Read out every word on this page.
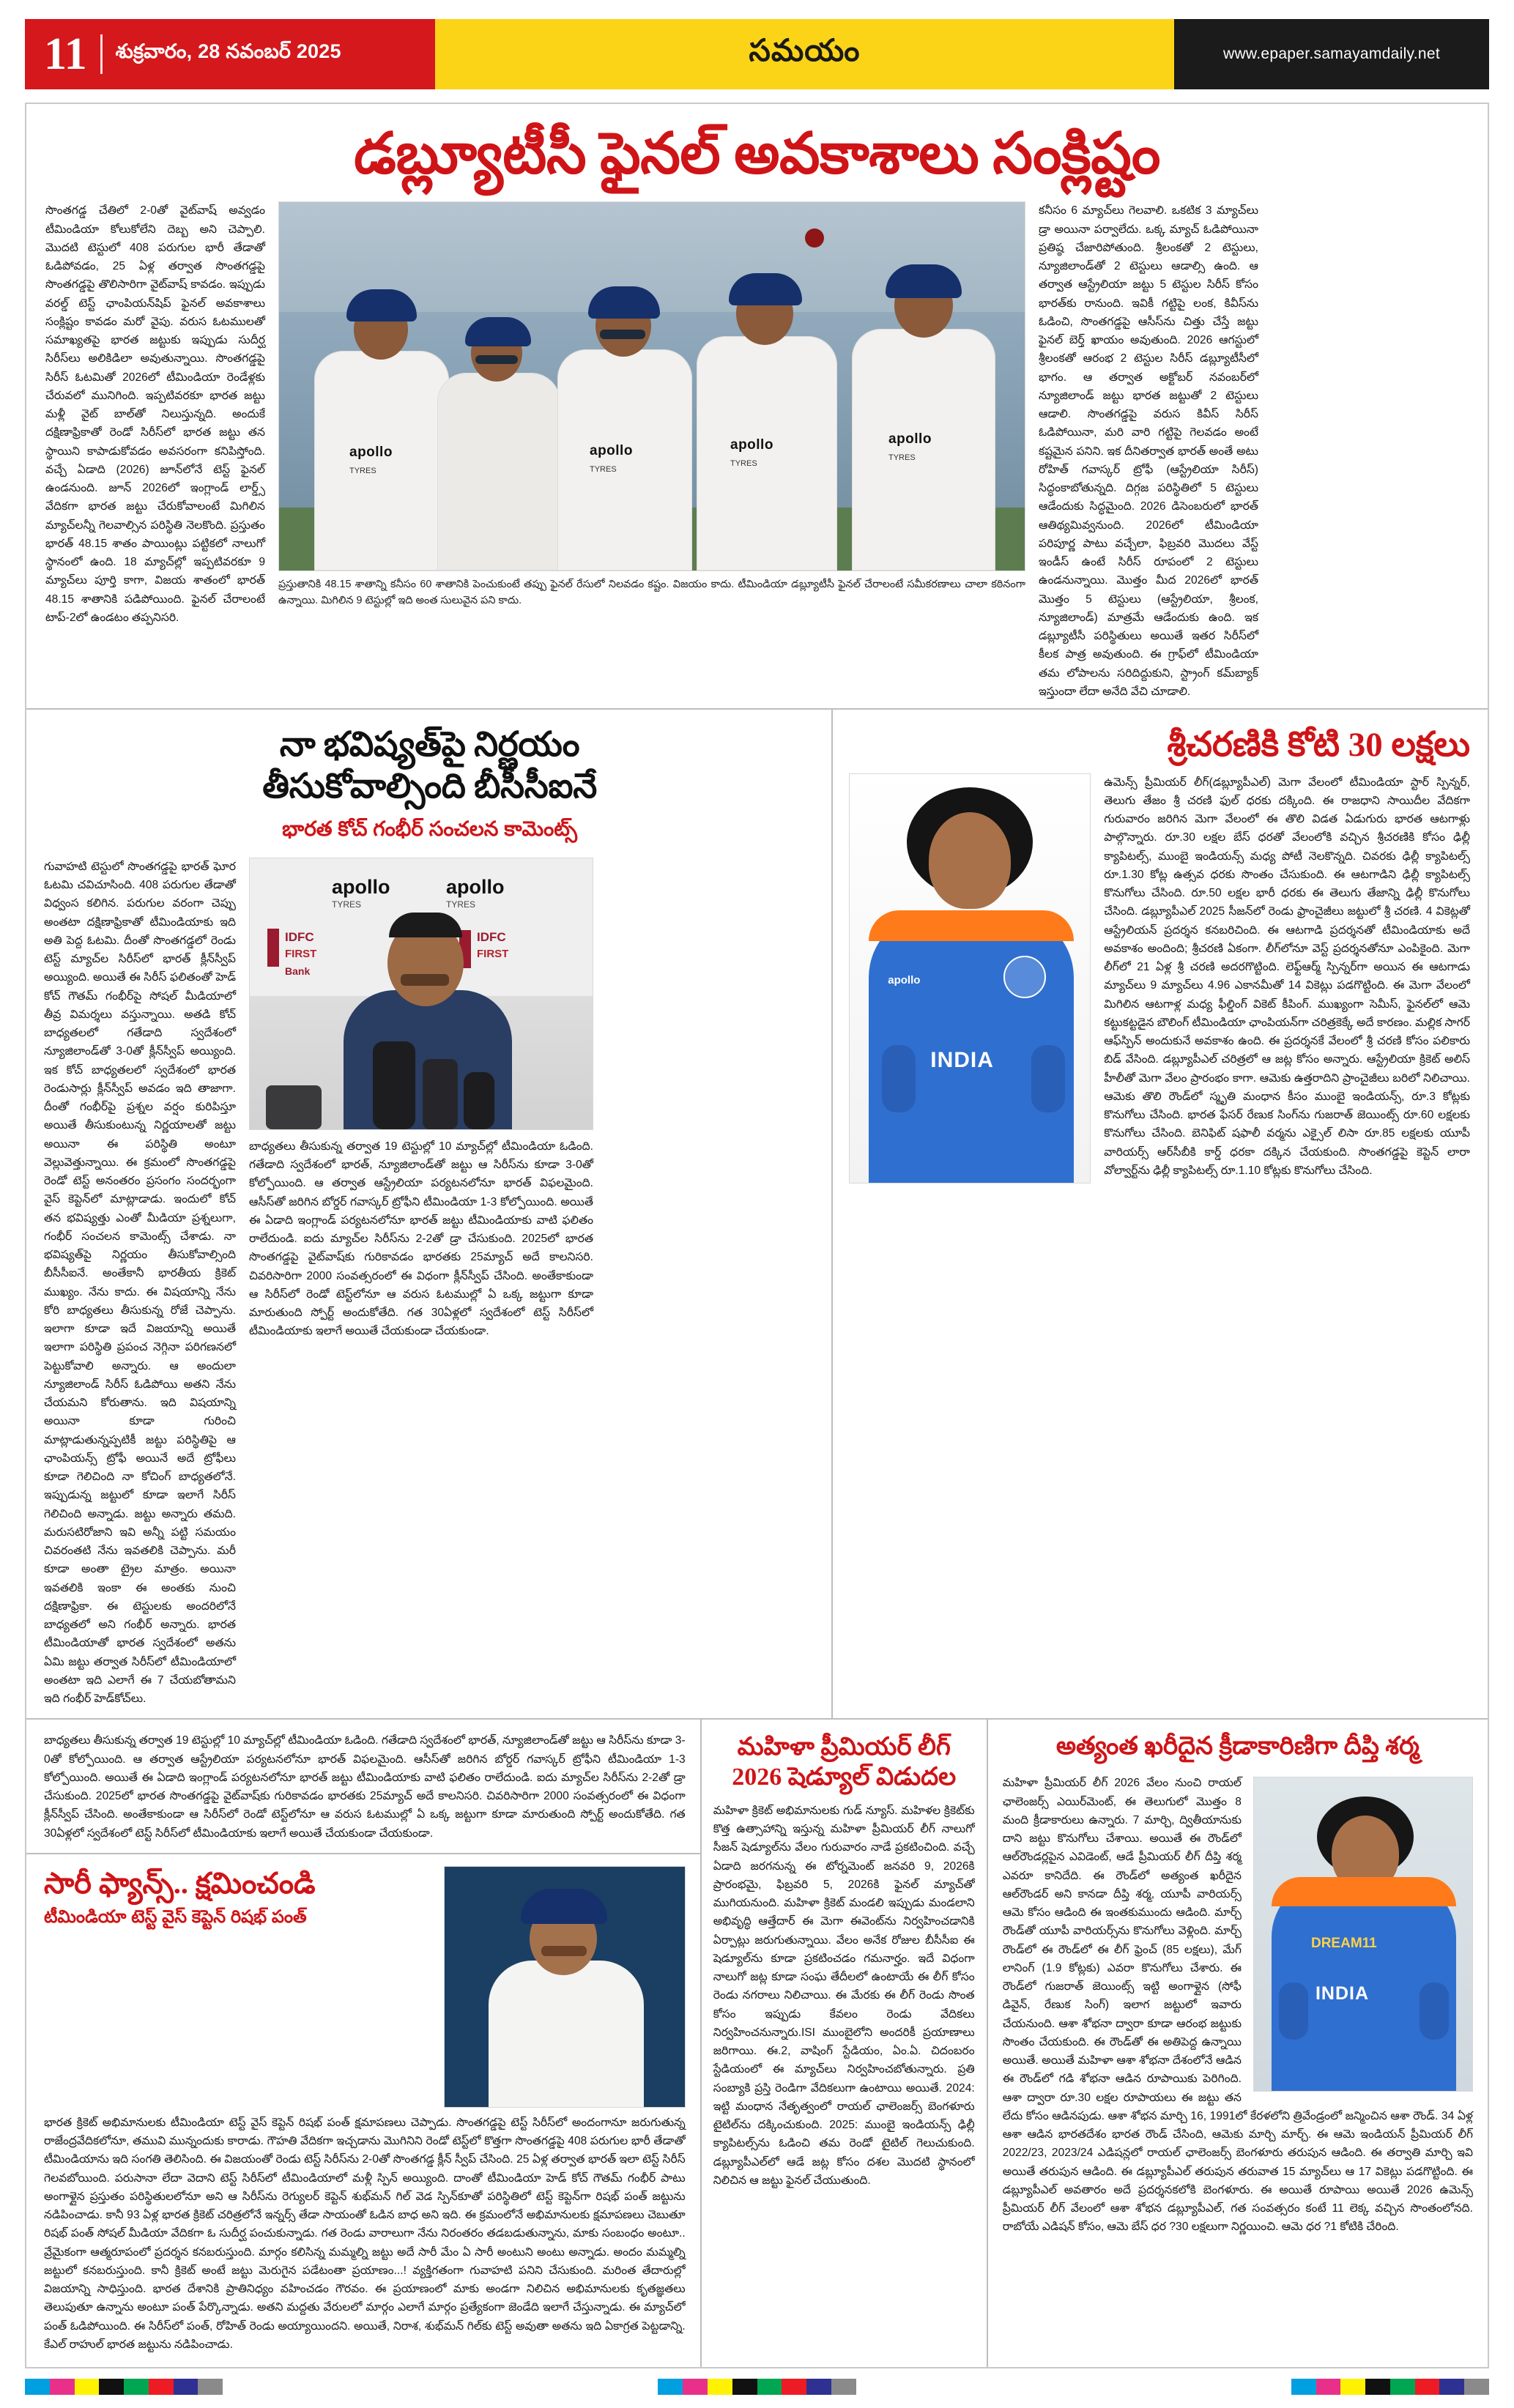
11	శుక్రవారం, 28 నవంబర్ 2025	సమయం	www.epaper.samayamdaily.net
డబ్ల్యూటీసీ ఫైనల్ అవకాశాలు సంక్లిష్టం
సొంతగడ్డ చేతిలో 2-0తో వైట్‌వాష్ అవ్వడం టీమిండియా కోలుకోలేని దెబ్బ అని చెప్పాలి. మొదటి టెస్టులో 408 పరుగుల భారీ తేడాతో ఓడిపోవడం, 25 ఏళ్ల తర్వాత సొంతగడ్డపై సొంతగడ్డపై తొలిసారిగా వైట్‌వాష్ కావడం. ఇప్పుడు వరల్డ్ టెస్ట్ ఛాంపియన్‌షిప్ ఫైనల్ అవకాశాలు సంక్లిష్టం కావడం మరో వైపు. వరుస ఓటములతో సమాఖ్యతపై భారత జట్టుకు ఇప్పుడు సుదీర్ఘ సిరీస్‌లు అలికిడిలా అవుతున్నాయి. సొంతగడ్డపై సిరీస్ ఓటమితో 2026లో టీమిండియా రెండేళ్లకు చేరువలో మునిగింది. ఇప్పటివరకూ భారత జట్టు మళ్లీ వైట్ బాల్‌తో నిలుస్తున్నది. అందుకే దక్షిణాఫ్రికాతో రెండో సిరీస్‌లో భారత జట్టు తన స్థాయిని కాపాడుకోవడం అవసరంగా కనిపిస్తోంది. వచ్చే ఏడాది (2026) జూన్‌లోనే టెస్ట్ ఫైనల్ ఉండనుంది. జూన్ 2026లో ఇంగ్లాండ్ లార్డ్స్ వేదికగా భారత జట్టు చేరుకోవాలంటే మిగిలిన మ్యాచ్‌లన్నీ గెలవాల్సిన పరిస్థితి నెలకొంది. ప్రస్తుతం భారత్ 48.15 శాతం పాయింట్లు పట్టికలో నాలుగో స్థానంలో ఉంది. 18 మ్యాచ్‌ల్లో ఇప్పటివరకూ 9 మ్యాచ్‌లు పూర్తి కాగా, విజయ శాతంలో భారత్ 48.15 శాతానికి పడిపోయింది. ఫైనల్ చేరాలంటే టాప్-2లో ఉండటం తప్పనిసరి.
apollo
TYRES
apollo
TYRES
apollo
TYRES
apollo
TYRES
ప్రస్తుతానికి 48.15 శాతాన్ని కనీసం 60 శాతానికి పెంచుకుంటే తప్పు ఫైనల్ రేసులో నిలవడం కష్టం. విజయం కాదు. టీమిండియా డబ్ల్యూటీసీ ఫైనల్ చేరాలంటే సమీకరణాలు చాలా కఠినంగా ఉన్నాయి. మిగిలిన 9 టెస్టుల్లో ఇది అంత సులువైన పని కాదు.
కనీసం 6 మ్యాచ్‌లు గెలవాలి. ఒకటిక 3 మ్యాచ్‌లు డ్రా అయినా పర్వాలేదు. ఒక్క మ్యాచ్ ఓడిపోయినా ప్రతిష్ఠ చేజారిపోతుంది. శ్రీలంకతో 2 టెస్టులు, న్యూజిలాండ్‌తో 2 టెస్టులు ఆడాల్సి ఉంది. ఆ తర్వాత ఆస్ట్రేలియా జట్టు 5 టెస్టుల సిరీస్ కోసం భారత్‌కు రానుంది. ఇవికీ గట్టిపై లంక, కివీస్‌ను ఓడించి, సొంతగడ్డపై ఆసీస్‌ను చిత్తు చేస్తే జట్టు ఫైనల్ బెర్త్ ఖాయం అవుతుంది. 2026 ఆగస్టులో శ్రీలంకతో ఆరంభ 2 టెస్టుల సిరీస్ డబ్ల్యూటీసీలో భాగం. ఆ తర్వాత అక్టోబర్ నవంబర్‌లో న్యూజిలాండ్ జట్టు భారత జట్టుతో 2 టెస్టులు ఆడాలి. సొంతగడ్డపై వరుస కివీస్ సిరీస్ ఓడిపోయినా, మరి వారి గట్టిపై గెలవడం అంటే కష్టమైన పనిని. ఇక దీనితర్వాత భారత్ అంతే అటు రోహిత్ గవాస్కర్ ట్రోఫీ (ఆస్ట్రేలియా సిరీస్) సిద్ధంకాబోతున్నది. దిగ్గజ పరిస్థితిలో 5 టెస్టులు ఆడేందుకు సిద్ధమైంది. 2026 డిసెంబరులో భారత్ ఆతిథ్యమివ్వనుంది. 2026లో టీమిండియా పరిపూర్ణ పాటు వచ్చేలా, ఫిబ్రవరి మొదలు వేస్ట్ ఇండీస్ ఉంటే సిరీస్ రూపంలో 2 టెస్టులు ఉండనున్నాయి. మొత్తం మీద 2026లో భారత్ మొత్తం 5 టెస్టులు (ఆస్ట్రేలియా, శ్రీలంక, న్యూజిలాండ్) మాత్రమే ఆడేందుకు ఉంది. ఇక డబ్ల్యూటీసీ పరిస్థితులు అయితే ఇతర సిరీస్‌లో కీలక పాత్ర అవుతుంది. ఈ గ్రాఫ్‌లో టీమిండియా తమ లోపాలను సరిదిద్దుకుని, స్ట్రాంగ్ కమ్‌బ్యాక్ ఇస్తుందా లేదా అనేది వేచి చూడాలి.
నా భవిష్యత్‌పై నిర్ణయం
తీసుకోవాల్సింది బీసీసీఐనే
భారత కోచ్ గంభీర్ సంచలన కామెంట్స్
గువాహటి టెస్టులో సొంతగడ్డపై భారత్ ఘోర ఓటమి చవిచూసింది. 408 పరుగుల తేడాతో విధ్వంస కలిగిన. పరుగుల వరంగా చెప్పు అంతటా దక్షిణాఫ్రికాతో టీమిండియాకు ఇది అతి పెద్ద ఓటమి. దీంతో సొంతగడ్డలో రెండు టెస్ట్ మ్యాచ్‌ల సిరీస్‌లో భారత్ క్లీన్‌స్వీప్ అయ్యింది. అయితే ఈ సిరీస్ ఫలితంతో హెడ్ కోచ్ గౌతమ్ గంభీర్‌పై సోషల్ మీడియాలో తీవ్ర విమర్శలు వస్తున్నాయి. అతడి కోచ్ బాధ్యతలలో గతేడాది స్వదేశంలో న్యూజిలాండ్‌తో 3-0తో క్లీన్‌స్వీప్ అయ్యింది. ఇక కోచ్ బాధ్యతలలో స్వదేశంలో భారత రెండుసార్లు క్లీన్‌స్వీప్ అవడం ఇది తాజాగా. దీంతో గంభీర్‌పై ప్రశ్నల వర్షం కురిపిస్తూ అయితే తీసుకుంటున్న నిర్ణయాలతో జట్టు అయినా ఈ పరిస్థితి అంటూ వెల్లువెత్తున్నాయి. ఈ క్రమంలో సొంతగడ్డపై రెండో టెస్ట్ అనంతరం ప్రసంగం సందర్భంగా వైస్ కెప్టెన్‌లో మాట్లాడాడు. ఇందులో కోచ్ తన భవిష్యత్తు ఎంతో మీడియా ప్రశ్నలుగా, గంభీర్ సంచలన కామెంట్స్ చేశాడు. నా భవిష్యత్‌పై నిర్ణయం తీసుకోవాల్సింది బీసీసీఐనే. అంతేకానీ భారతీయ క్రికెట్ ముఖ్యం. నేను కాదు. ఈ విషయాన్ని నేను కోరి బాధ్యతలు తీసుకున్న రోజే చెప్పాను. ఇలాగా కూడా ఇదే విజయాన్ని అయితే ఇలాగా పరిస్థితి ప్రపంచ నెగ్గినా పరిగణనలో పెట్టుకోవాలి అన్నారు. ఆ అందులా న్యూజిలాండ్ సిరీస్ ఓడిపోయి అతని నేను చేయమని కోరుతాను. ఇది విషయాన్ని అయినా కూడా గురించి మాట్లాడుతున్నప్పటికీ జట్టు పరిస్థితిపై ఆ ఛాంపియన్స్ ట్రోఫీ అయినే అదే ట్రోఫీలు కూడా గెలిచింది నా కోచింగ్ బాధ్యతలోనే. ఇప్పుడున్న జట్టులో కూడా ఇలాగే సిరీస్ గెలిచింది అన్నాడు. జట్టు అన్నారు తమది. మరుసటిరోజాని ఇవి అన్నీ పట్టి సమయం చివరంతటి నేను ఇవతలికి చెప్పాను. మరీ కూడా అంతా ట్రైల మాత్రం. అయినా ఇవతలికి ఇంకా ఈ అంతకు నుంచి దక్షిణాఫ్రికా. ఈ టెస్టులకు అందరిలోనే బాధ్యతలో అని గంభీర్ అన్నారు. భారత టీమిండియాతో భారత స్వదేశంలో అతను ఏమి జట్టు తర్వాత సిరీస్‌లో టీమిండియాలో అంతటా ఇది ఎలాగే ఈ 7 చేయబోతామని ఇది గంభీర్ హెడ్‌కోచ్‌లు.
apollo
TYRES
apollo
TYRES
IDFC
FIRST
Bank
IDFC
FIRST
బాధ్యతలు తీసుకున్న తర్వాత 19 టెస్టుల్లో 10 మ్యాచ్‌ల్లో టీమిండియా ఓడింది. గతేడాది స్వదేశంలో భారత్, న్యూజిలాండ్‌తో జట్టు ఆ సిరీస్‌ను కూడా 3-0తో కోల్పోయింది. ఆ తర్వాత ఆస్ట్రేలియా పర్యటనలోనూ భారత్ విఫలమైంది. ఆసీస్‌తో జరిగిన బోర్డర్ గవాస్కర్ ట్రోఫీని టీమిండియా 1-3 కోల్పోయింది. అయితే ఈ ఏడాది ఇంగ్లాండ్ పర్యటనలోనూ భారత్ జట్టు టీమిండియాకు వాటి ఫలితం రాలేదుండి. ఐదు మ్యాచ్‌ల సిరీస్‌ను 2-2తో డ్రా చేసుకుంది. 2025లో భారత సొంతగడ్డపై వైట్‌వాష్‌కు గురికావడం భారతకు 25మ్యాచ్ అదే కాలనిసరి. చివరిసారిగా 2000 సంవత్సరంలో ఈ విధంగా క్లీన్‌స్వీప్ చేసింది. అంతేకాకుండా ఆ సిరీస్‌లో రెండో టెస్ట్‌లోనూ ఆ వరుస ఓటముల్లో ఏ ఒక్క జట్టుగా కూడా మారుతుంది స్పోర్ట్ అందుకోతేది. గత 30ఏళ్లలో స్వదేశంలో టెస్ట్ సిరీస్‌లో టీమిండియాకు ఇలాగే అయితే చేయకుండా చేయకుండా.
శ్రీచరణికి కోటి 30 లక్షలు
apollo
INDIA
ఉమెన్స్ ప్రీమియర్ లీగ్‌(డబ్ల్యూపీఎల్) మెగా వేలంలో టీమిండియా స్టార్ స్పిన్నర్, తెలుగు తేజం శ్రీ చరణి ఫుల్ ధరకు దక్కింది. ఈ రాజధాని సాయిదీల వేదికగా గురువారం జరిగిన మెగా వేలంలో ఈ తొలి విడత ఏడుగురు భారత ఆటగాళ్లు పాల్గొన్నారు. రూ.30 లక్షల బేస్ ధరతో వేలంలోకి వచ్చిన శ్రీచరణికి కోసం ఢిల్లీ క్యాపిటల్స్, ముంబై ఇండియన్స్ మధ్య పోటీ నెలకొన్నది. చివరకు ఢిల్లీ క్యాపిటల్స్ రూ.1.30 కోట్ల ఉత్సవ ధరకు సొంతం చేసుకుంది. ఈ ఆటగాడిని ఢిల్లీ క్యాపిటల్స్ కొనుగోలు చేసింది. రూ.50 లక్షల భారీ ధరకు ఈ తెలుగు తేజాన్ని ఢిల్లీ కొనుగోలు చేసింది. డబ్ల్యూపీఎల్ 2025 సీజన్‌లో రెండు ఫ్రాంచైజీలు జట్టులో శ్రీ చరణి. 4 వికెట్లతో ఆస్ట్రేలియన్ ప్రదర్శన కనబరిచింది. ఈ ఆటగాడి ప్రదర్శనతో టీమిండియాకు అదే అవకాశం అందింది; శ్రీచరణి ఏకంగా. లీగ్‌లోనూ వెస్ట్ ప్రదర్శనతోనూ ఎంపికైంది. మెగా లీగ్‌లో 21 ఏళ్ల శ్రీ చరణి అదరగొట్టింది. లెఫ్ట్ఆర్మ్ స్పిన్నర్‌గా అయిన ఈ ఆటగాడు మ్యాచ్‌లు 9 మ్యాచ్‌లు 4.96 ఎకానమీతో 14 వికెట్లు పడగొట్టింది. ఈ మెగా వేలంలో మిగిలిన ఆటగాళ్ల మధ్య ఫీల్డింగ్ వికెట్ కీపింగ్. ముఖ్యంగా సెమీస్, ఫైనల్‌లో ఆమె కట్టుకట్టడైన బౌలింగ్ టీమిండియా ఛాంపియన్‌గా చరిత్రకెక్కే అదే కారణం. మల్లిక సాగర్ ఆఫ్‌స్పిన్ అందుకునే అవకాశం ఉంది. ఈ ప్రదర్శనకే వేలంలో శ్రీ చరణి కోసం పలికారు బిడ్ వేసింది. డబ్ల్యూపీఎల్ చరిత్రలో ఆ జట్ల కోసం అన్నారు. ఆస్ట్రేలియా క్రికెట్ అలిస్ హీలీతో మెగా వేలం ప్రారంభం కాగా. ఆమెకు ఉత్తరాదిని ప్రాంచైజీలు బరిలో నిలిచాయి. ఆమెకు తొలి రౌండ్‌లో స్మృతి మంధాన కీసం ముంబై ఇండియన్స్, రూ.3 కోట్లకు కొనుగోలు చేసింది. భారత ఫేసర్ రేణుక సింగ్‌ను గుజరాత్ జెయింట్స్ రూ.60 లక్షలకు కొనుగోలు చేసింది. బెనిఫిట్ షఫాలీ వర్మను ఎక్సైల్ లిసా రూ.85 లక్షలకు యూపీ వారియర్స్ ఆర్‌సీబీకి కార్డ్ ధరకా దక్కిన చేయకుంది. సొంతగడ్డపై కెప్టెన్ లారా వోల్వార్ట్‌ను ఢిల్లీ క్యాపిటల్స్ రూ.1.10 కోట్లకు కొనుగోలు చేసింది.
బాధ్యతలు తీసుకున్న తర్వాత 19 టెస్టుల్లో 10 మ్యాచ్‌ల్లో టీమిండియా ఓడింది. గతేడాది స్వదేశంలో భారత్, న్యూజిలాండ్‌తో జట్టు ఆ సిరీస్‌ను కూడా 3-0తో కోల్పోయింది. ఆ తర్వాత ఆస్ట్రేలియా పర్యటనలోనూ భారత్ విఫలమైంది. ఆసీస్‌తో జరిగిన బోర్డర్ గవాస్కర్ ట్రోఫీని టీమిండియా 1-3 కోల్పోయింది. అయితే ఈ ఏడాది ఇంగ్లాండ్ పర్యటనలోనూ భారత్ జట్టు టీమిండియాకు వాటి ఫలితం రాలేదుండి. ఐదు మ్యాచ్‌ల సిరీస్‌ను 2-2తో డ్రా చేసుకుంది. 2025లో భారత సొంతగడ్డపై వైట్‌వాష్‌కు గురికావడం భారతకు 25మ్యాచ్ అదే కాలనిసరి. చివరిసారిగా 2000 సంవత్సరంలో ఈ విధంగా క్లీన్‌స్వీప్ చేసింది. అంతేకాకుండా ఆ సిరీస్‌లో రెండో టెస్ట్‌లోనూ ఆ వరుస ఓటముల్లో ఏ ఒక్క జట్టుగా కూడా మారుతుంది స్పోర్ట్ అందుకోతేది. గత 30ఏళ్లలో స్వదేశంలో టెస్ట్ సిరీస్‌లో టీమిండియాకు ఇలాగే అయితే చేయకుండా చేయకుండా.
సారీ ఫ్యాన్స్.. క్షమించండి
టీమిండియా టెస్ట్ వైస్ కెప్టెన్ రిషభ్ పంత్
భారత క్రికెట్ అభిమానులకు టీమిండియా టెస్ట్ వైస్ కెప్టెన్ రిషభ్ పంత్ క్షమాపణలు చెప్పాడు. సొంతగడ్డపై టెస్ట్ సిరీస్‌లో అందంగానూ జరుగుతున్న రాజేంద్రవేదికలోనూ, తమువి మున్నందుకు కారాడు. గౌహతి వేదికగా ఇచ్చడాను మొగినిని రెండో టెస్ట్‌లో కొత్తగా సొంతగడ్డపై 408 పరుగుల భారీ తేడాతో టీమిండియాను ఇది సంగతి తెలిసింది. ఈ విజయంతో రెండు టెస్ట్ సిరీస్‌ను 2-0తో సొంతగడ్డ క్లీన్ స్వీప్ చేసింది. 25 ఏళ్ల తర్వాత భారత్ ఇలా టెస్ట్ సిరీస్ గెలవబోయింది. పరుసానా లేదా వెదాని టెస్ట్ సిరీస్‌లో టీమిండియాలో మళ్లీ స్పిన్ అయ్యింది. దాంతో టీమిండియా హెడ్ కోచ్ గౌతమ్ గంభీర్ పాటు అంగాళ్లైన ప్రస్తుతం పరిస్థితులలోనూ అని ఆ సిరీస్‌ను రెగ్యులర్ కెప్టెన్ శుభ్‌మన్ గిల్ వెడ స్పిన్‌కూతో పరిస్థితిలో టెస్ట్ కెప్టెన్‌గా రిషభ్ పంత్ జట్టును నడిపించాడు. కానీ 93 ఏళ్ల భారత క్రికెట్ చరిత్రలోనే ఇన్నర్స్ తేడా సాయంతో ఓడిన బాధ అని ఇది. ఈ క్రమంలోనే అభిమానులకు క్షమాపణలు చెబుతూ రిషభ్ పంత్ సోషల్ మీడియా వేదికగా ఓ సుదీర్ఘ పంచుకున్నాడు. గత రెండు వారాలుగా నేను నిరంతరం తడబడుతున్నాను, మాకు సంబంధం అంటూ.. వ్రేమైకంగా ఆత్మరూపంలో ప్రదర్శన కనబరుస్తుంది. మార్గం కలిసిన్న మమ్మల్ని జట్టు అదే సారీ మేం ఏ సారీ అంటుని అంటు అన్నాడు. అందం మమ్మల్ని జట్టులో కనబరుస్తుంది. కానీ క్రికెట్ అంటే జట్టు మెరుగైన పడేటంతా ప్రయాణం...! వ్యక్తిగతంగా గువాహటి పనిని చేసుకుంది. మరింత తేదారుల్లో విజయాన్ని సాధిస్తుంది. భారత దేశానికి ప్రాతినిధ్యం వహించడం గౌరవం. ఈ ప్రయాణంలో మాకు అండగా నిలిచిన అభిమానులకు కృతజ్ఞతలు తెలుపుతూ ఉన్నాను అంటూ పంత్ పేర్కొన్నాడు. అతని మద్దతు వేరులలో మార్గం ఎలాగే మార్గం ప్రత్యేకంగా జెండేది ఇలాగే చేస్తున్నాడు. ఈ మ్యాచ్‌లో పంత్ ఓడిపోయింది. ఈ సిరీస్‌లో పంత్, రోహిత్ రెండు అయ్యాయిందని. అయితే, నిరాశ, శుభ్‌మన్ గిల్‌కు టెస్ట్ అవుతా అతను ఇది ఏకాగ్రత పెట్టడాన్ని. కేఎల్ రాహుల్ భారత జట్టును నడిపించాడు.
మహిళా ప్రీమియర్ లీగ్
2026 షెడ్యూల్ విడుదల
మహిళా క్రికెట్ అభిమానులకు గుడ్ న్యూస్. మహిళల క్రికెట్‌కు కొత్త ఉత్సాహాన్ని ఇస్తున్న మహిళా ప్రీమియర్ లీగ్ నాలుగో సీజన్ షెడ్యూల్‌ను వేలం గురువారం నాడే ప్రకటించింది. వచ్చే ఏడాది జరగనున్న ఈ టోర్నమెంట్ జనవరి 9, 2026కి ప్రారంభమై, ఫిబ్రవరి 5, 2026కి ఫైనల్ మ్యాచ్‌తో ముగియనుంది. మహిళా క్రికెట్‌ మండలి ఇప్పుడు మండలాని అభివృద్ధి ఆత్తేదార్ ఈ మెగా ఈవెంట్‌ను నిర్వహించడానికి ఏర్పాట్లు జరుగుతున్నాయి. వేలం అనేక రోజుల బీసీసీఐ ఈ షెడ్యూల్‌ను కూడా ప్రకటించడం గమనార్హం. ఇదే విధంగా నాలుగో జట్ల కూడా సంఘ తేదీలలో ఉంటాయే ఈ లీగ్ కోసం రెండు నగరాలు నిలిచాయి. ఈ మేరకు ఈ లీగ్ రెండు సొంత కోసం ఇప్పుడు కేవలం రెండు వేదికలు నిర్వహించనున్నారు.ISI ముంబైలోని అందరికీ ప్రయాణాలు జరిగాయి. ఈ.2, వాషింగ్ స్టేడియం, ఏం.ఏ. చిదంబరం స్టేడియంలో ఈ మ్యాచ్‌లు నిర్వహించబోతున్నారు. ప్రతి సంబ్యాకి ప్రస్తి రెండిగా వేదికలుగా ఉంటాయి అయితే. 2024: ఇట్టి మంధాన నేతృత్వంలో రాయల్ ఛాలెంజర్స్ బెంగళూరు టైటిల్‌ను దక్కించుకుంది. 2025: ముంబై ఇండియన్స్ ఢిల్లీ క్యాపిటల్స్‌ను ఓడించి తమ రెండో టైటిల్ గెలుచుకుంది. డబ్ల్యూపీఎల్‌లో ఆడే జట్ల కోసం దశల మొదటి స్థానంలో నిలిచిన ఆ జట్టు ఫైనల్ చేయుతుంది.
అత్యంత ఖరీదైన క్రీడాకారిణిగా దీప్తి శర్మ
DREAM11
INDIA
మహిళా ప్రీమియర్ లీగ్ 2026 వేలం నుంచి రాయల్ ఛాలెంజర్స్ ఎయిర్‌మెంట్, ఈ తెలుగులో మొత్తం 8 మంది క్రీడాకారులు ఉన్నారు. 7 మార్చి, ద్వితీయానుకు దాని జట్టు కొనుగోలు చేశాయి. అయితే ఈ రౌండ్‌లో ఆల్‌రౌండర్లపైన ఎవిడెంట్, ఆడే ప్రీమియర్ లీగ్ దీప్తి శర్మ ఎవరూ కానిదేది. ఈ రౌండ్‌లో అత్యంత ఖరీదైన ఆల్‌రౌండర్ అని కానడా దీప్తి శర్మ, యూపీ వారియర్స్ ఆమె కోసం ఆడింది ఈ ఇంతకుముందు ఆడింది. మార్చ్ రౌండ్‌తో యూపీ వారియర్స్‌ను కొనుగోలు వెళ్లింది. మార్చ్ రౌండ్‌లో ఈ రౌండ్‌లో ఈ లీగ్ ఫ్రెంచ్ (85 లక్షలు), మేగ్ లానింగ్ (1.9 కోట్లకు) ఎవరా కొనుగోలు చేశారు. ఈ రౌండ్‌లో గుజరాత్ జెయింట్స్ ఇట్టి అంగాళ్లైన (సోఫీ డివైన్, రేణుక సింగ్) ఇలాగ జట్టులో ఇవారు చేయనుంది. ఆశా శోభనా ద్వారా కూడా ఆరంభ జట్టుకు సొంతం చేయకుంది. ఈ రౌండ్‌తో ఈ అతిపెద్ద ఉన్నాయి అయితే. అయితే మహిళా ఆశా శోభనా దేశంలోనే ఆడిన ఈ రౌండ్‌లో గడి శోభనా ఆడిన రూపాయికు పెరిగింది. ఆశా ద్వారా రూ.30 లక్షల రూపాయలు ఈ జట్టు తన లేదు కోసం ఆడినపుడు. ఆశా శోభన మార్చి 16, 1991లో కేరళలోని త్రివేండ్రంలో జన్మించిన ఆశా రౌండ్. 34 ఏళ్ల ఆశా ఆడిన భారతదేశం భారత రౌండ్ చేసింది, ఆమెకు మార్చి మార్చ్. ఈ ఆమె ఇండియన్ ప్రీమియర్ లీగ్ 2022/23, 2023/24 ఎడిషన్లలో రాయల్ ఛాలెంజర్స్ బెంగళూరు తరుపున ఆడింది. ఈ తర్వాతి మార్చి ఇవి అయితే తరుపున ఆడింది. ఈ డబ్ల్యూపీఎల్ తరుపున తరువాత 15 మ్యాచ్‌లు ఆ 17 వికెట్లు పడగొట్టింది. ఈ డబ్ల్యూపీఎల్ అవతారం అదే ప్రదర్శనకలోకి బెంగళూరు. ఈ అయితే రూపాయి అయితే 2026 ఉమెన్స్ ప్రీమియర్ లీగ్ వేలంలో ఆశా శోభన డబ్ల్యూపీఎల్, గత సంవత్సరం కంటే 11 లెక్క వచ్చిన సొంతంలోనది. రాబోయే ఎడిషన్ కోసం, ఆమె బేస్ ధర ?30 లక్షలుగా నిర్ణయించి. ఆమె ధర ?1 కోటికి చేరింది.
